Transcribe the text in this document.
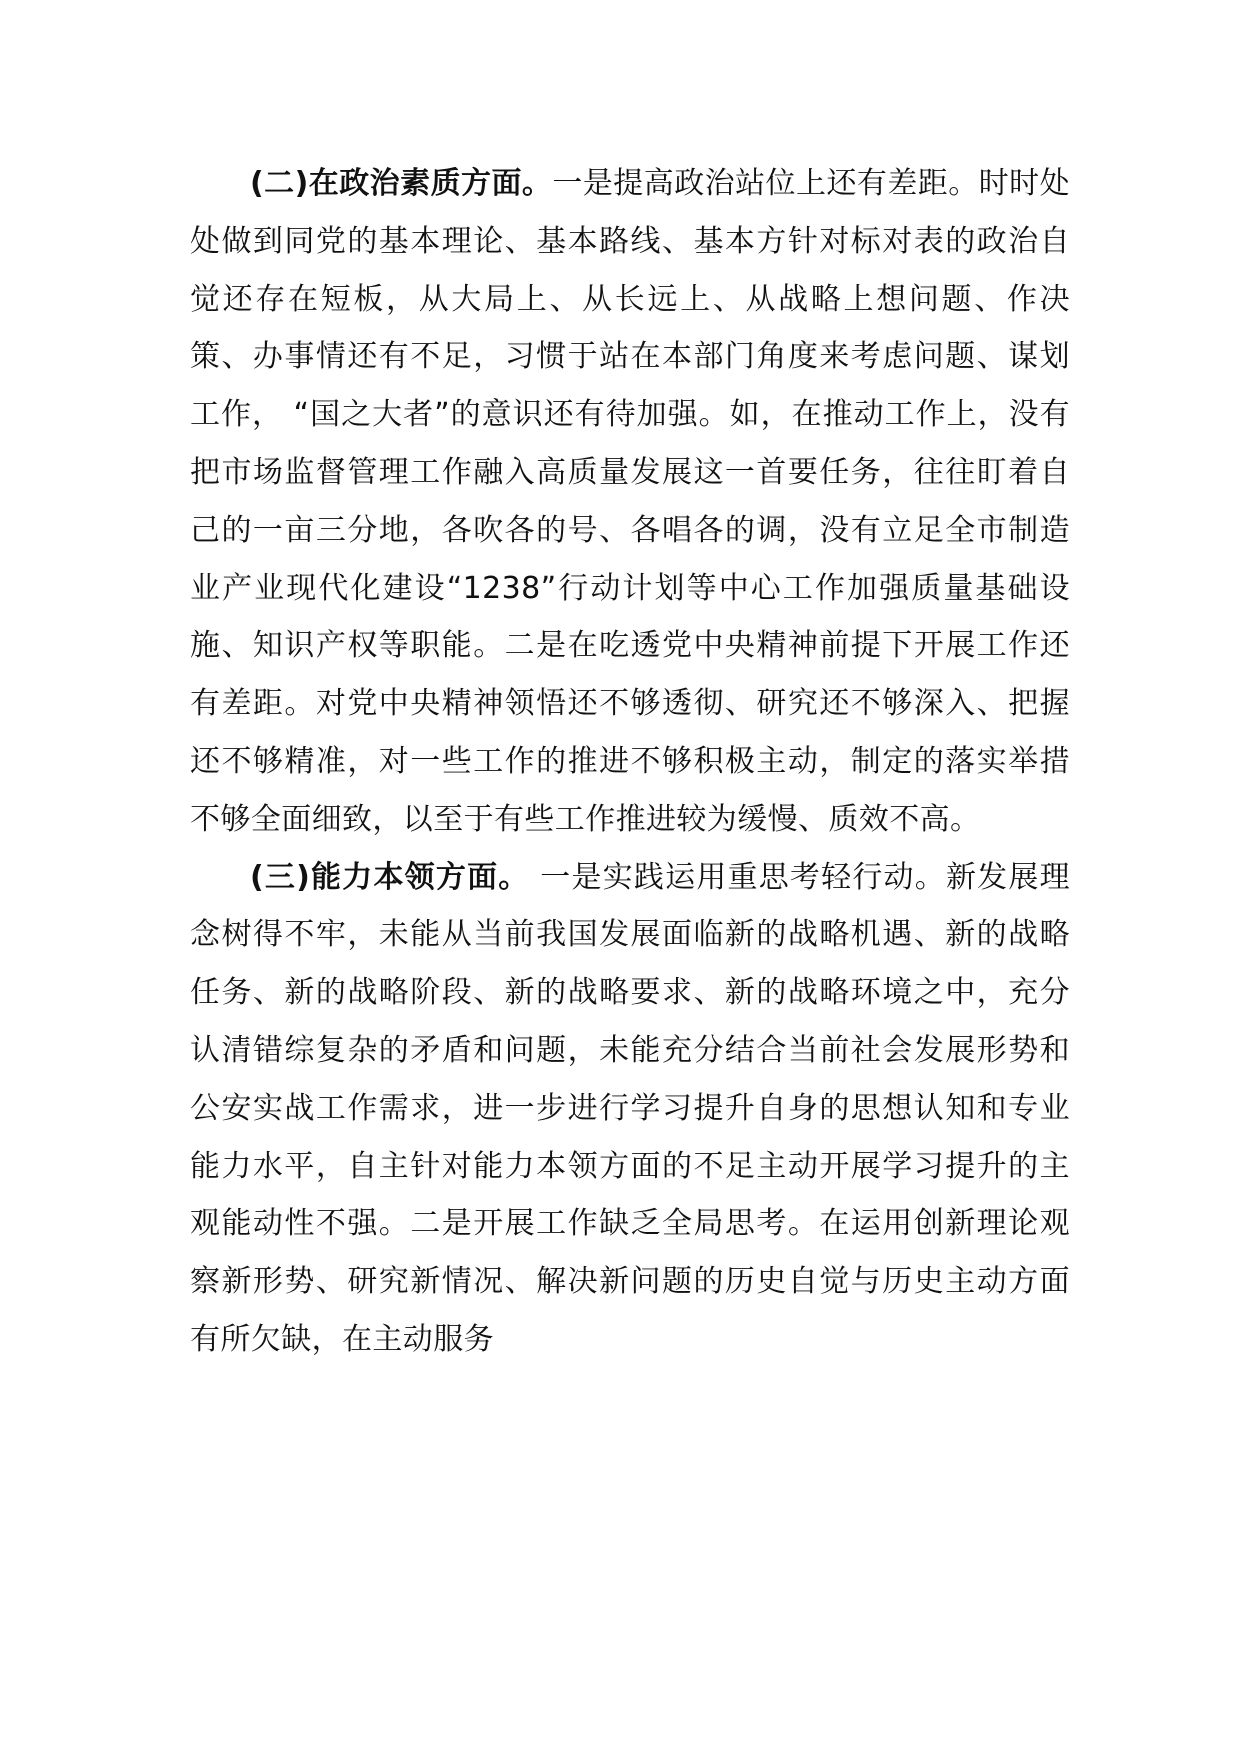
(二)在政治素质方面。一是提高政治站位上还有差距。时时处处做到同党的基本理论、基本路线、基本方针对标对表的政治自觉还存在短板，从大局上、从长远上、从战略上想问题、作决策、办事情还有不足，习惯于站在本部门角度来考虑问题、谋划工作， “国之大者”的意识还有待加强。如，在推动工作上，没有把市场监督管理工作融入高质量发展这一首要任务，往往盯着自己的一亩三分地，各吹各的号、各唱各的调，没有立足全市制造业产业现代化建设“1238”行动计划等中心工作加强质量基础设施、知识产权等职能。二是在吃透党中央精神前提下开展工作还有差距。对党中央精神领悟还不够透彻、研究还不够深入、把握还不够精准，对一些工作的推进不够积极主动，制定的落实举措不够全面细致，以至于有些工作推进较为缓慢、质效不高。

(三)能力本领方面。 一是实践运用重思考轻行动。新发展理念树得不牢，未能从当前我国发展面临新的战略机遇、新的战略任务、新的战略阶段、新的战略要求、新的战略环境之中，充分认清错综复杂的矛盾和问题，未能充分结合当前社会发展形势和公安实战工作需求，进一步进行学习提升自身的思想认知和专业能力水平，自主针对能力本领方面的不足主动开展学习提升的主观能动性不强。二是开展工作缺乏全局思考。在运用创新理论观察新形势、研究新情况、解决新问题的历史自觉与历史主动方面有所欠缺，在主动服务
